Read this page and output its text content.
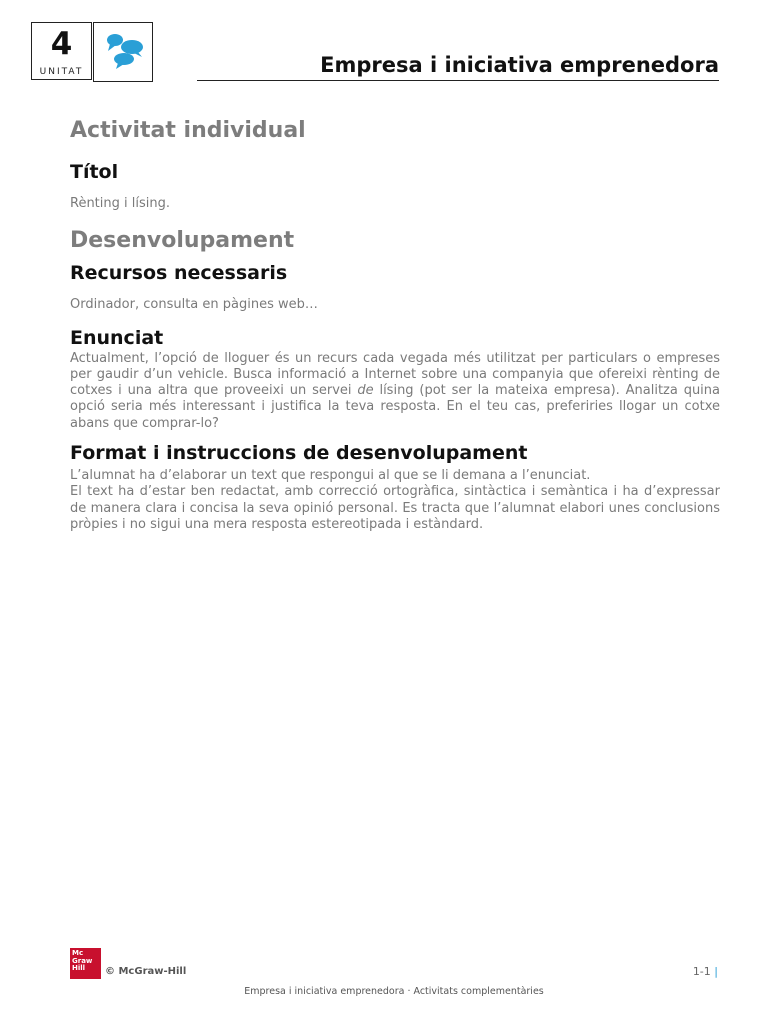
4
UNITAT	Empresa i iniciativa emprenedora
Activitat individual
Títol

Rènting i lísing.

Desenvolupament
Recursos necessaris

Ordinador, consulta en pàgines web…

Enunciat

Actualment, l’opció de lloguer és un recurs cada vegada més utilitzat per particulars o empreses per gaudir d’un vehicle. Busca informació a Internet sobre una companyia que ofereixi rènting de cotxes i una altra que proveeixi un servei de lísing (pot ser la mateixa empresa). Analitza quina opció seria més interessant i justifica la teva resposta. En el teu cas, preferiries llogar un cotxe abans que comprar-lo?

Format i instruccions de desenvolupament

L’alumnat ha d’elaborar un text que respongui al que se li demana a l’enunciat.

El text ha d’estar ben redactat, amb correcció ortogràfica, sintàctica i semàntica i ha d’expressar de manera clara i concisa la seva opinió personal. Es tracta que l’alumnat elabori unes conclusions pròpies i no sigui una mera resposta estereotipada i estàndard.

Mc
Graw
Hill	© McGraw-Hill	1-1 |
Empresa i iniciativa emprenedora · Activitats complementàries
